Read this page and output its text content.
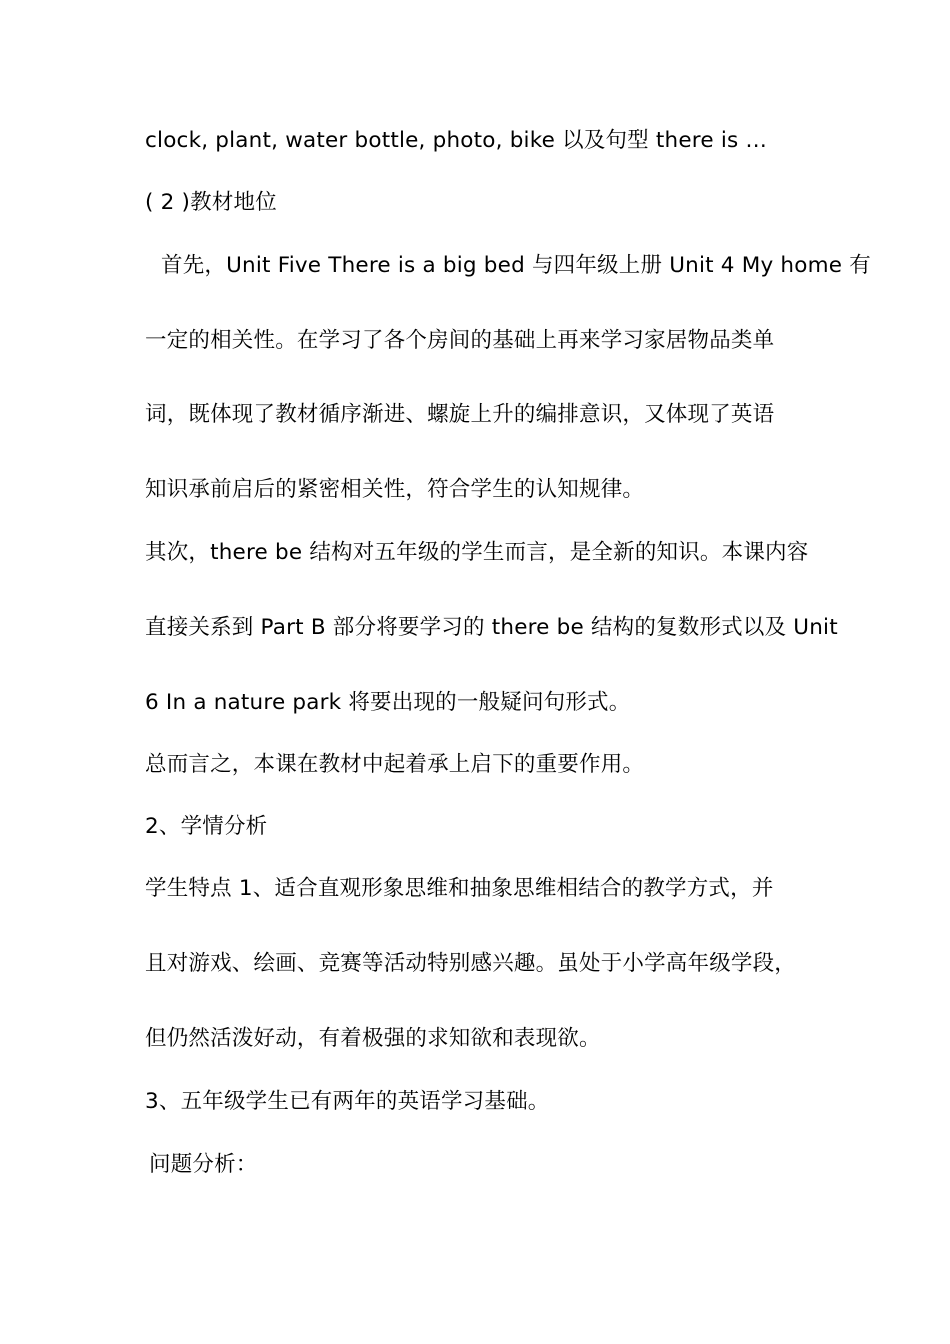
clock, plant, water bottle, photo, bike 以及句型 there is …
( 2 )教材地位
首先，Unit Five There is a big bed 与四年级上册 Unit 4 My home 有
一定的相关性。在学习了各个房间的基础上再来学习家居物品类单
词，既体现了教材循序渐进、螺旋上升的编排意识，又体现了英语
知识承前启后的紧密相关性，符合学生的认知规律。
其次，there be 结构对五年级的学生而言，是全新的知识。本课内容
直接关系到 Part B 部分将要学习的 there be 结构的复数形式以及 Unit
6 In a nature park 将要出现的一般疑问句形式。
总而言之，本课在教材中起着承上启下的重要作用。
2、学情分析
学生特点 1、适合直观形象思维和抽象思维相结合的教学方式，并
且对游戏、绘画、竞赛等活动特别感兴趣。虽处于小学高年级学段，
但仍然活泼好动，有着极强的求知欲和表现欲。
3、五年级学生已有两年的英语学习基础。
问题分析：
